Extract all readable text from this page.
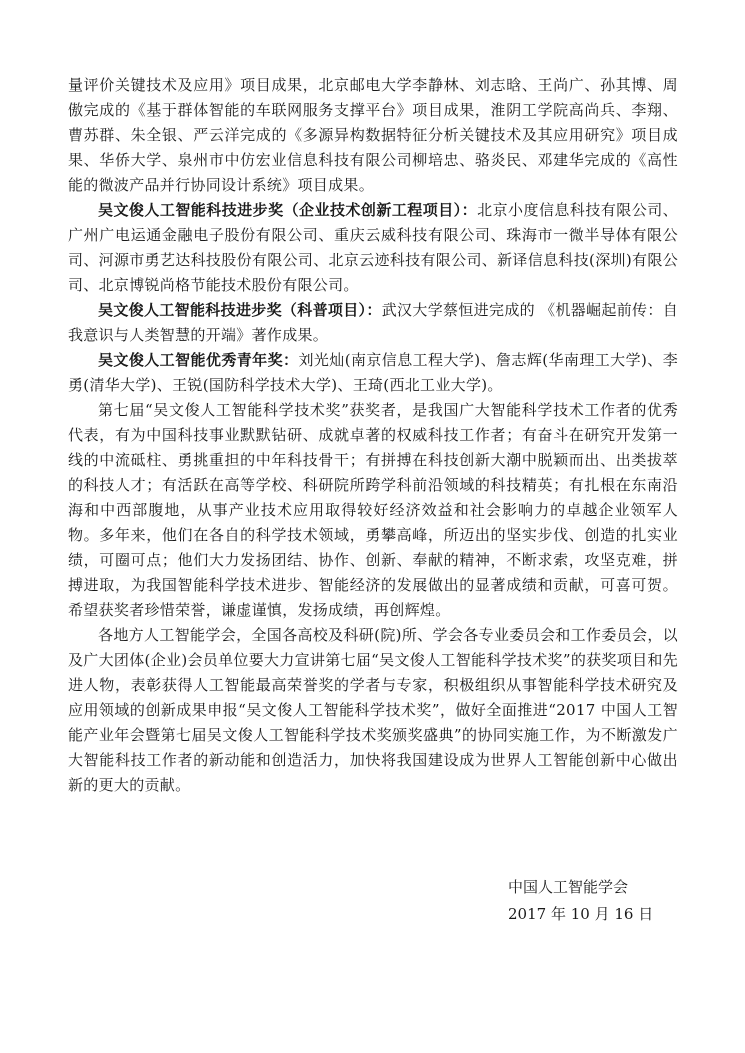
量评价关键技术及应用》项目成果，北京邮电大学李静林、刘志晗、王尚广、孙其博、周傲完成的《基于群体智能的车联网服务支撑平台》项目成果，淮阴工学院高尚兵、李翔、曹苏群、朱全银、严云洋完成的《多源异构数据特征分析关键技术及其应用研究》项目成果、华侨大学、泉州市中仿宏业信息科技有限公司柳培忠、骆炎民、邓建华完成的《高性能的微波产品并行协同设计系统》项目成果。

吴文俊人工智能科技进步奖（企业技术创新工程项目）：北京小度信息科技有限公司、广州广电运通金融电子股份有限公司、重庆云威科技有限公司、珠海市一微半导体有限公司、河源市勇艺达科技股份有限公司、北京云迹科技有限公司、新译信息科技(深圳)有限公司、北京博锐尚格节能技术股份有限公司。

吴文俊人工智能科技进步奖（科普项目）：武汉大学蔡恒进完成的 《机器崛起前传：自我意识与人类智慧的开端》著作成果。

吴文俊人工智能优秀青年奖：刘光灿(南京信息工程大学)、詹志辉(华南理工大学)、李勇(清华大学)、王锐(国防科学技术大学)、王琦(西北工业大学)。

第七届“吴文俊人工智能科学技术奖”获奖者，是我国广大智能科学技术工作者的优秀代表，有为中国科技事业默默钻研、成就卓著的权威科技工作者；有奋斗在研究开发第一线的中流砥柱、勇挑重担的中年科技骨干；有拼搏在科技创新大潮中脱颖而出、出类拔萃的科技人才；有活跃在高等学校、科研院所跨学科前沿领域的科技精英；有扎根在东南沿海和中西部腹地，从事产业技术应用取得较好经济效益和社会影响力的卓越企业领军人物。多年来，他们在各自的科学技术领域，勇攀高峰，所迈出的坚实步伐、创造的扎实业绩，可圈可点；他们大力发扬团结、协作、创新、奉献的精神，不断求索，攻坚克难，拼搏进取，为我国智能科学技术进步、智能经济的发展做出的显著成绩和贡献，可喜可贺。希望获奖者珍惜荣誉，谦虚谨慎，发扬成绩，再创辉煌。

各地方人工智能学会，全国各高校及科研(院)所、学会各专业委员会和工作委员会，以及广大团体(企业)会员单位要大力宣讲第七届“吴文俊人工智能科学技术奖”的获奖项目和先进人物，表彰获得人工智能最高荣誉奖的学者与专家，积极组织从事智能科学技术研究及应用领域的创新成果申报“吴文俊人工智能科学技术奖”，做好全面推进“2017 中国人工智能产业年会暨第七届吴文俊人工智能科学技术奖颁奖盛典”的协同实施工作，为不断激发广大智能科技工作者的新动能和创造活力，加快将我国建设成为世界人工智能创新中心做出新的更大的贡献。

中国人工智能学会
2017 年 10 月 16 日
